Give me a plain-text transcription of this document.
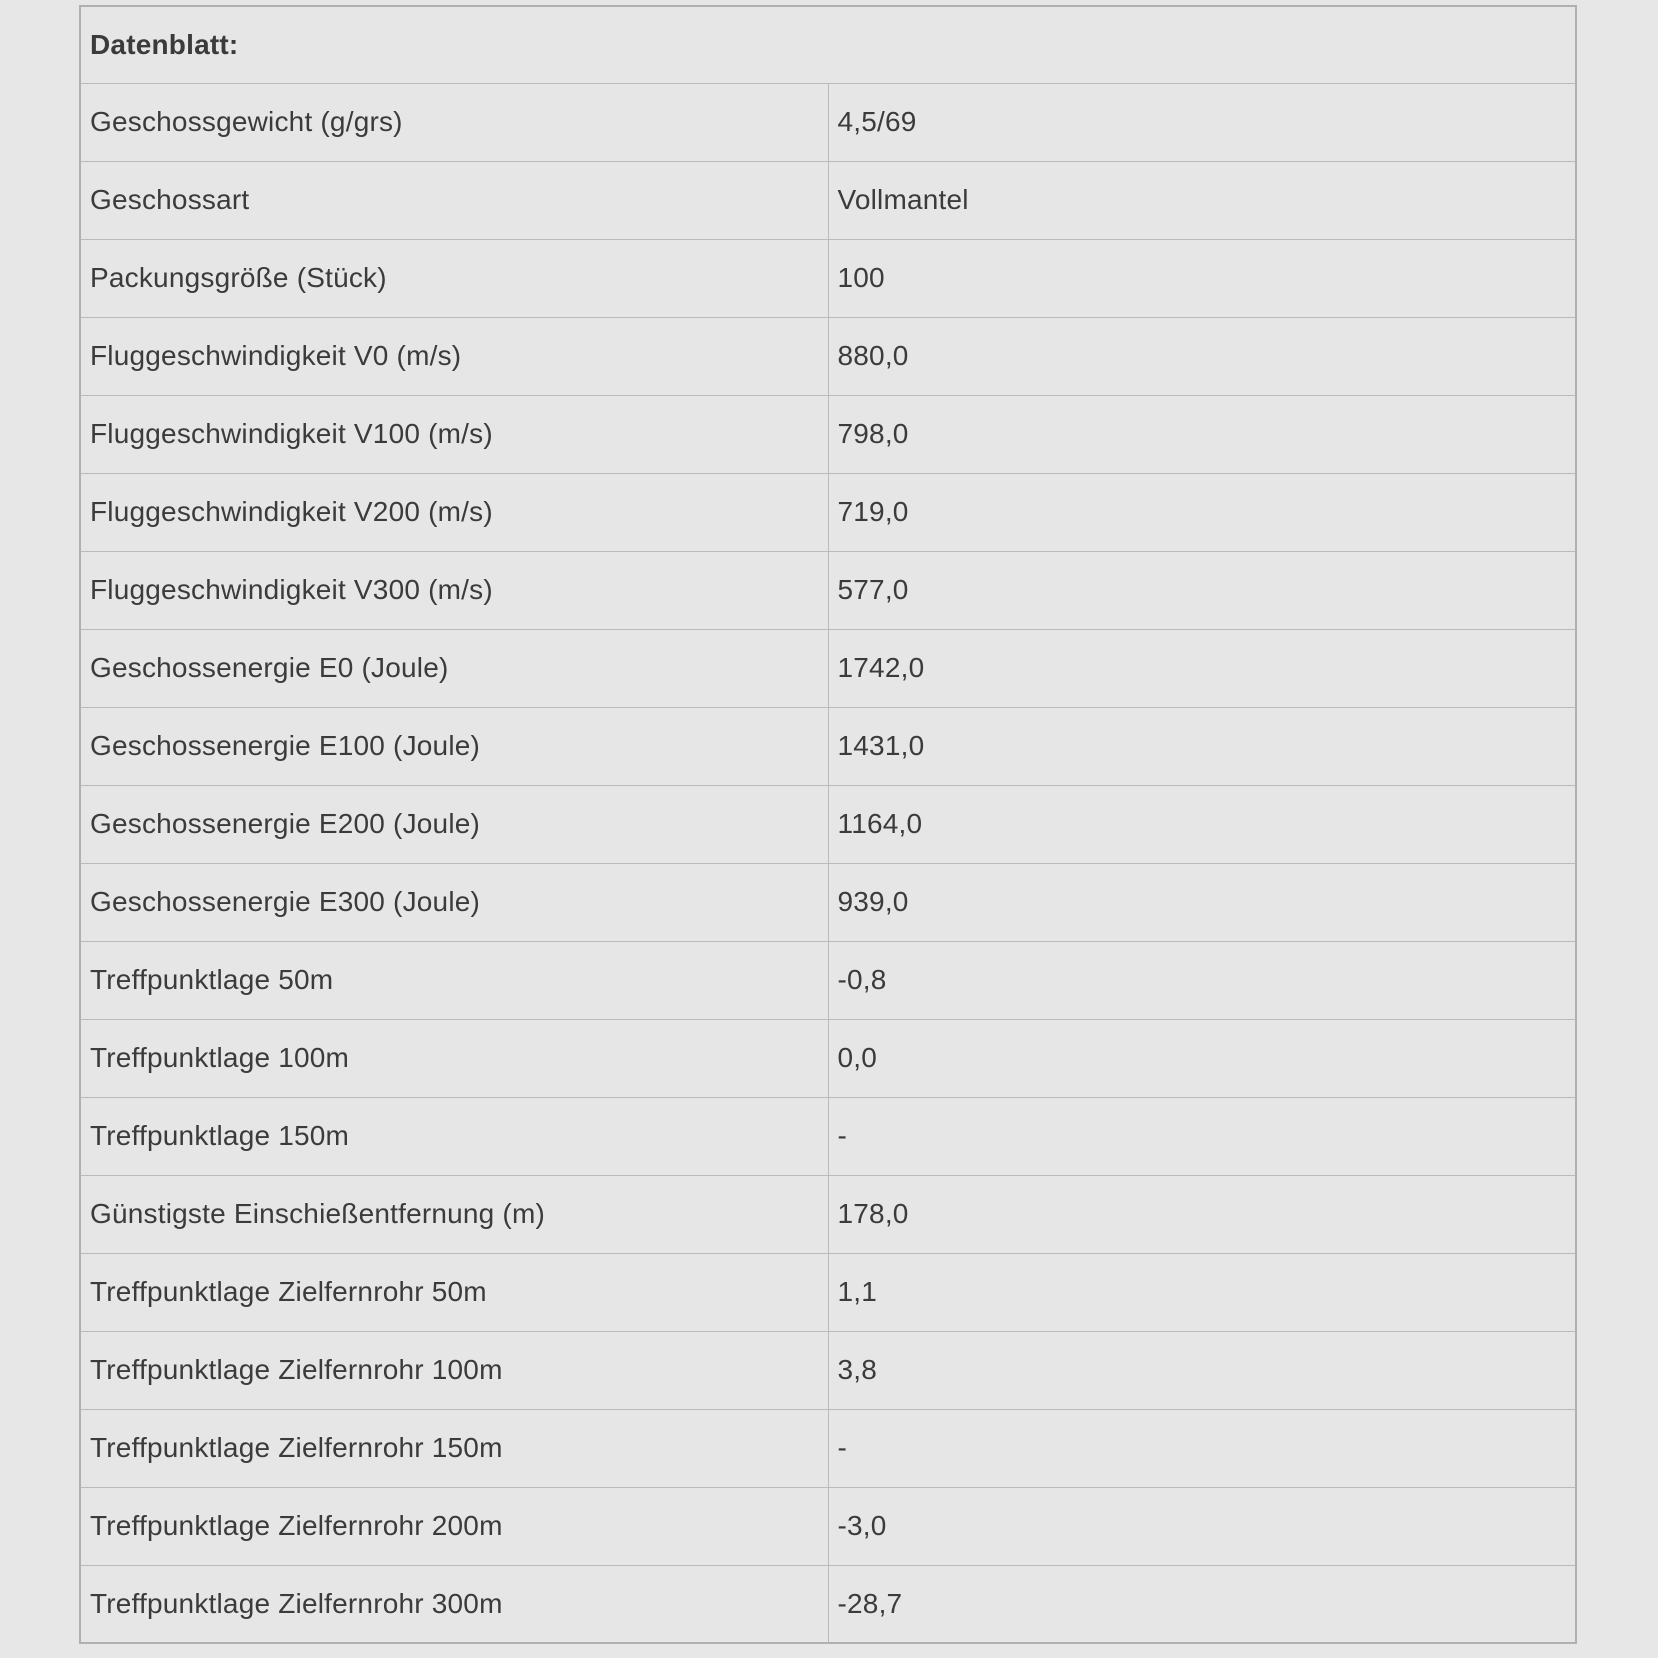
Datenblatt:	
Geschossgewicht (g/grs)	4,5/69
Geschossart	Vollmantel
Packungsgröße (Stück)	100
Fluggeschwindigkeit V0 (m/s)	880,0
Fluggeschwindigkeit V100 (m/s)	798,0
Fluggeschwindigkeit V200 (m/s)	719,0
Fluggeschwindigkeit V300 (m/s)	577,0
Geschossenergie E0 (Joule)	1742,0
Geschossenergie E100 (Joule)	1431,0
Geschossenergie E200 (Joule)	1164,0
Geschossenergie E300 (Joule)	939,0
Treffpunktlage 50m	-0,8
Treffpunktlage 100m	0,0
Treffpunktlage 150m	-
Günstigste Einschießentfernung (m)	178,0
Treffpunktlage Zielfernrohr 50m	1,1
Treffpunktlage Zielfernrohr 100m	3,8
Treffpunktlage Zielfernrohr 150m	-
Treffpunktlage Zielfernrohr 200m	-3,0
Treffpunktlage Zielfernrohr 300m	-28,7
